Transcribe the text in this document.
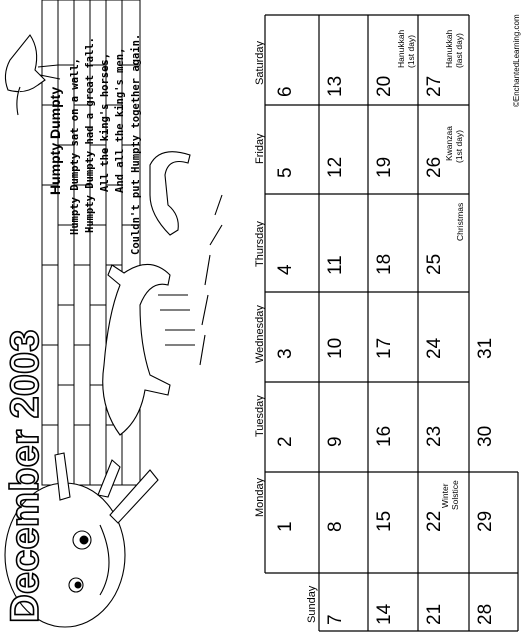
December 2003
Humpty Dumpty Humpty Dumpty sat on a wall, Humpty Dumpty had a great fall. All the king's horses, And all the king's men, Couldn't put Humpty together again.	©EnchantedLearning.com
Sunday
Monday
Tuesday
Wednesday
Thursday
Friday
Saturday
1
2
3
4
5
6
7
8
9
10
11
12
13
14
15
16
17
18
19
20
21
22
23
24
25
26
27
28
29
30
31
Winter Solstice
Christmas
Kwanzaa (1st day)
Hanukkah (1st day)	Hanukkah (last day)
